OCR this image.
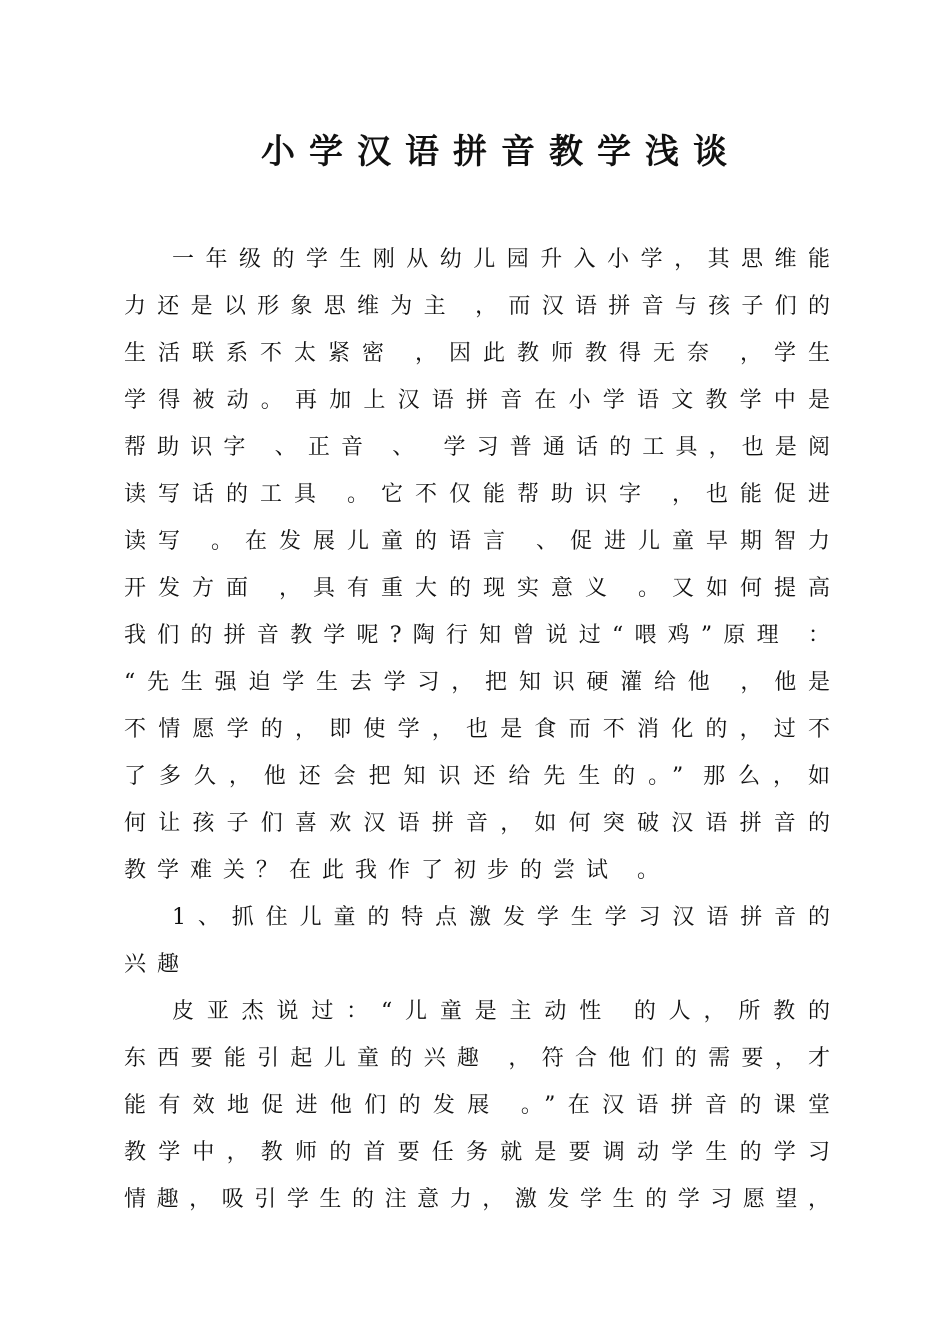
小学汉语拼音教学浅谈
一年级的学生刚从幼儿园升入小学，其思维能
力还是以形象思维为主 ，而汉语拼音与孩子们的
生活联系不太紧密 ，因此教师教得无奈 ，学生
学得被动。再加上汉语拼音在小学语文教学中是
帮助识字 、正音 、 学习普通话的工具，也是阅
读写话的工具 。它不仅能帮助识字 ，也能促进
读写 。在发展儿童的语言 、促进儿童早期智力
开发方面 ，具有重大的现实意义 。又如何提高
我们的拼音教学呢?陶行知曾说过“喂鸡”原理 ：
“先生强迫学生去学习，把知识硬灌给他 ，他是
不情愿学的，即使学，也是食而不消化的，过不
了多久，他还会把知识还给先生的。” 那么，如
何让孩子们喜欢汉语拼音，如何突破汉语拼音的
教学难关？在此我作了初步的尝试 。
1、抓住儿童的特点激发学生学习汉语拼音的
兴趣
皮亚杰说过：“儿童是主动性 的人，所教的
东西要能引起儿童的兴趣 ，符合他们的需要，才
能有效地促进他们的发展 。”在汉语拼音的课堂
教学中，教师的首要任务就是要调动学生的学习
情趣，吸引学生的注意力，激发学生的学习愿望，
